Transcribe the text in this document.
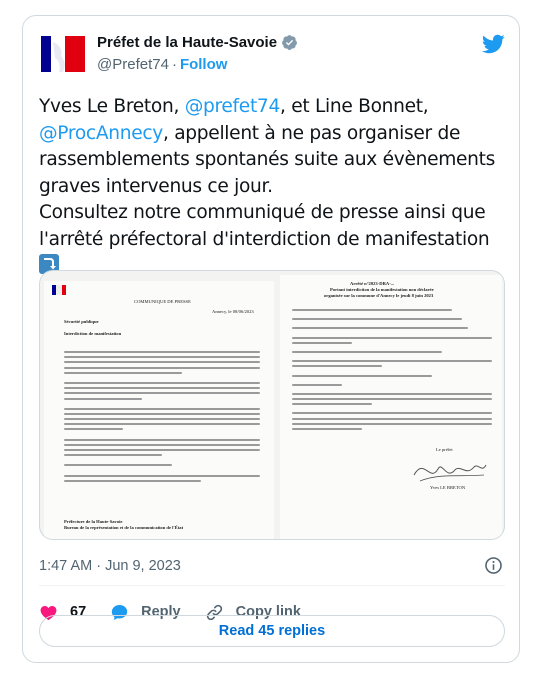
Préfet de la Haute-Savoie
@Prefet74 · Follow
Yves Le Breton, @prefet74, et Line Bonnet, @ProcAnnecy, appellent à ne pas organiser de rassemblements spontanés suite aux évènements graves intervenus ce jour.
Consultez notre communiqué de presse ainsi que l'arrêté préfectoral d'interdiction de manifestation
COMMUNIQUE DE PRESSE
Annecy, le 08/06/2023
Sécurité publique
Interdiction de manifestation
Préfecture de la Haute-Savoie
Bureau de la représentation et de la communication de l'État
Arrêté n°2023-DRA-...
Portant interdiction de la manifestation non déclarée
organisée sur la commune d'Annecy le jeudi 8 juin 2023
Le préfet
Yves LE BRETON
1:47 AM · Jun 9, 2023
67	Reply	Copy link
Read 45 replies
